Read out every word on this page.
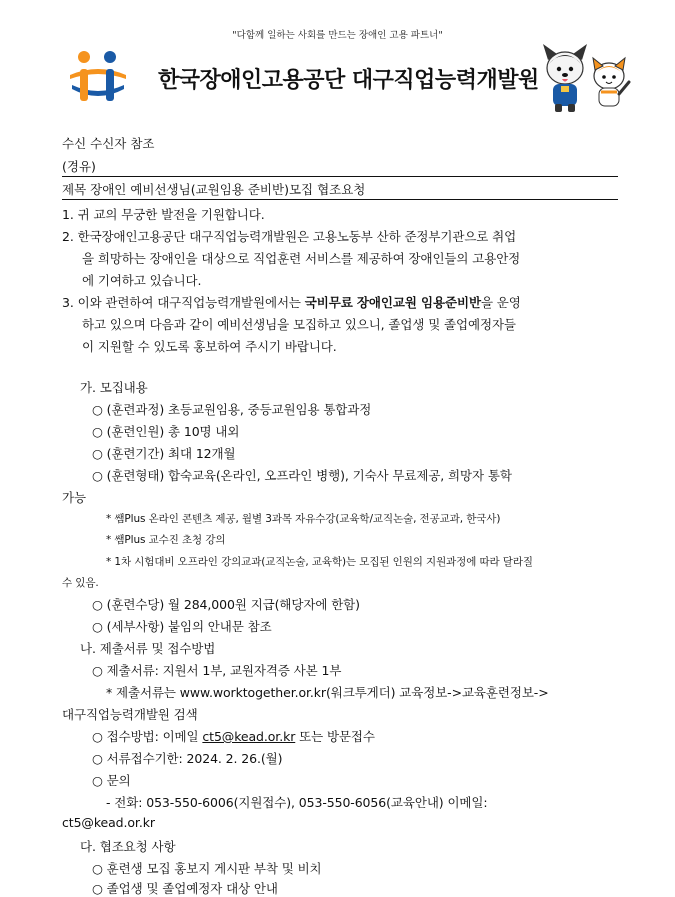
"다함께 일하는 사회를 만드는 장애인 고용 파트너"
한국장애인고용공단 대구직업능력개발원
수신 수신자 참조
(경유)
제목 장애인 예비선생님(교원임용 준비반)모집 협조요청
1. 귀 교의 무궁한 발전을 기원합니다.
2. 한국장애인고용공단 대구직업능력개발원은 고용노동부 산하 준정부기관으로 취업
을 희망하는 장애인을 대상으로 직업훈련 서비스를 제공하여 장애인들의 고용안정
에 기여하고 있습니다.
3. 이와 관련하여 대구직업능력개발원에서는 국비무료 장애인교원 임용준비반을 운영
하고 있으며 다음과 같이 예비선생님을 모집하고 있으니, 졸업생 및 졸업예정자들
이 지원할 수 있도록 홍보하여 주시기 바랍니다.
가. 모집내용
○ (훈련과정) 초등교원임용, 중등교원임용 통합과정
○ (훈련인원) 총 10명 내외
○ (훈련기간) 최대 12개월
○ (훈련형태) 합숙교육(온라인, 오프라인 병행), 기숙사 무료제공, 희망자 통학
가능
* 쌤Plus 온라인 콘텐츠 제공, 월별 3과목 자유수강(교육학/교직논술, 전공교과, 한국사)
* 쌤Plus 교수진 초청 강의
* 1차 시험대비 오프라인 강의교과(교직논술, 교육학)는 모집된 인원의 지원과정에 따라 달라질
수 있음.
○ (훈련수당) 월 284,000원 지급(해당자에 한함)
○ (세부사항) 붙임의 안내문 참조
나. 제출서류 및 접수방법
○ 제출서류: 지원서 1부, 교원자격증 사본 1부
* 제출서류는 www.worktogether.or.kr(워크투게더) 교육정보->교육훈련정보->
대구직업능력개발원 검색
○ 접수방법: 이메일 ct5@kead.or.kr 또는 방문접수
○ 서류접수기한: 2024. 2. 26.(월)
○ 문의
- 전화: 053-550-6006(지원접수), 053-550-6056(교육안내) 이메일:
ct5@kead.or.kr
다. 협조요청 사항
○ 훈련생 모집 홍보지 게시판 부착 및 비치
○ 졸업생 및 졸업예정자 대상 안내
